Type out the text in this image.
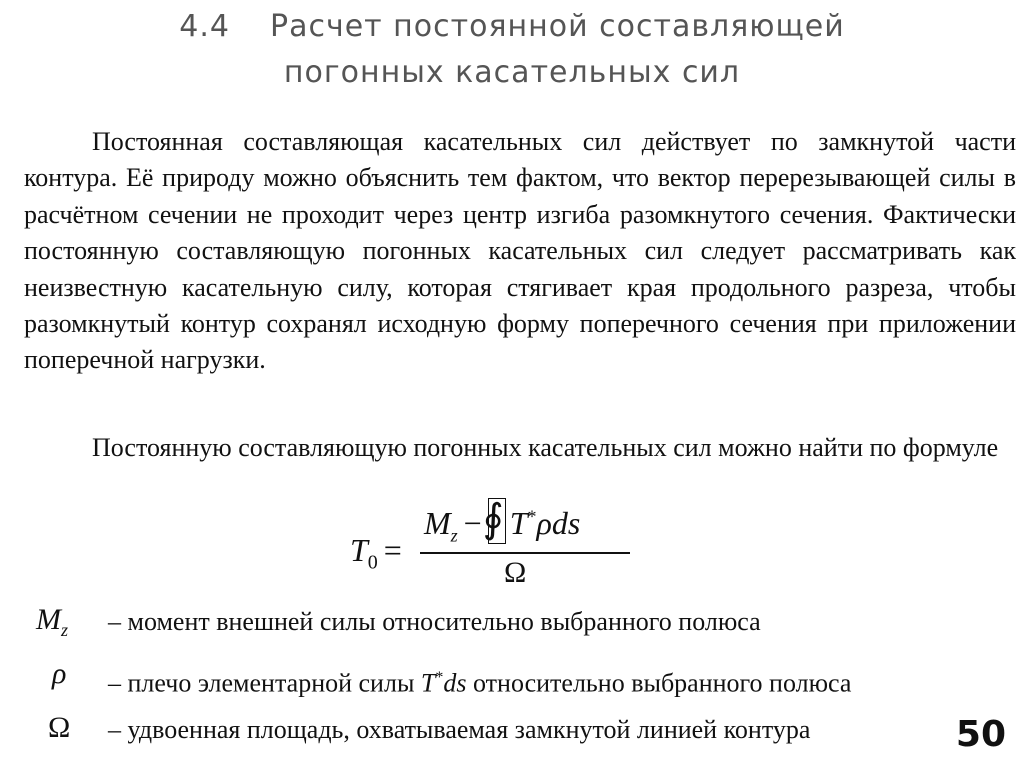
4.4 Расчет постоянной составляющей
погонных касательных сил
Постоянная составляющая касательных сил действует по замкнутой части контура. Её природу можно объяснить тем фактом, что вектор перерезывающей силы в расчётном сечении не проходит через центр изгиба разомкнутого сечения. Фактически постоянную составляющую погонных касательных сил следует рассматривать как неизвестную касательную силу, которая стягивает края продольного разреза, чтобы разомкнутый контур сохранял исходную форму поперечного сечения при приложении поперечной нагрузки.
Постоянную составляющую погонных касательных сил можно найти по формуле
$T_0$ =
$M_z$ − ∮ T*ρds
Ω
$M_z$ – момент внешней силы относительно выбранного полюса
ρ – плечо элементарной силы T*ds относительно выбранного полюса
Ω – удвоенная площадь, охватываемая замкнутой линией контура	50
